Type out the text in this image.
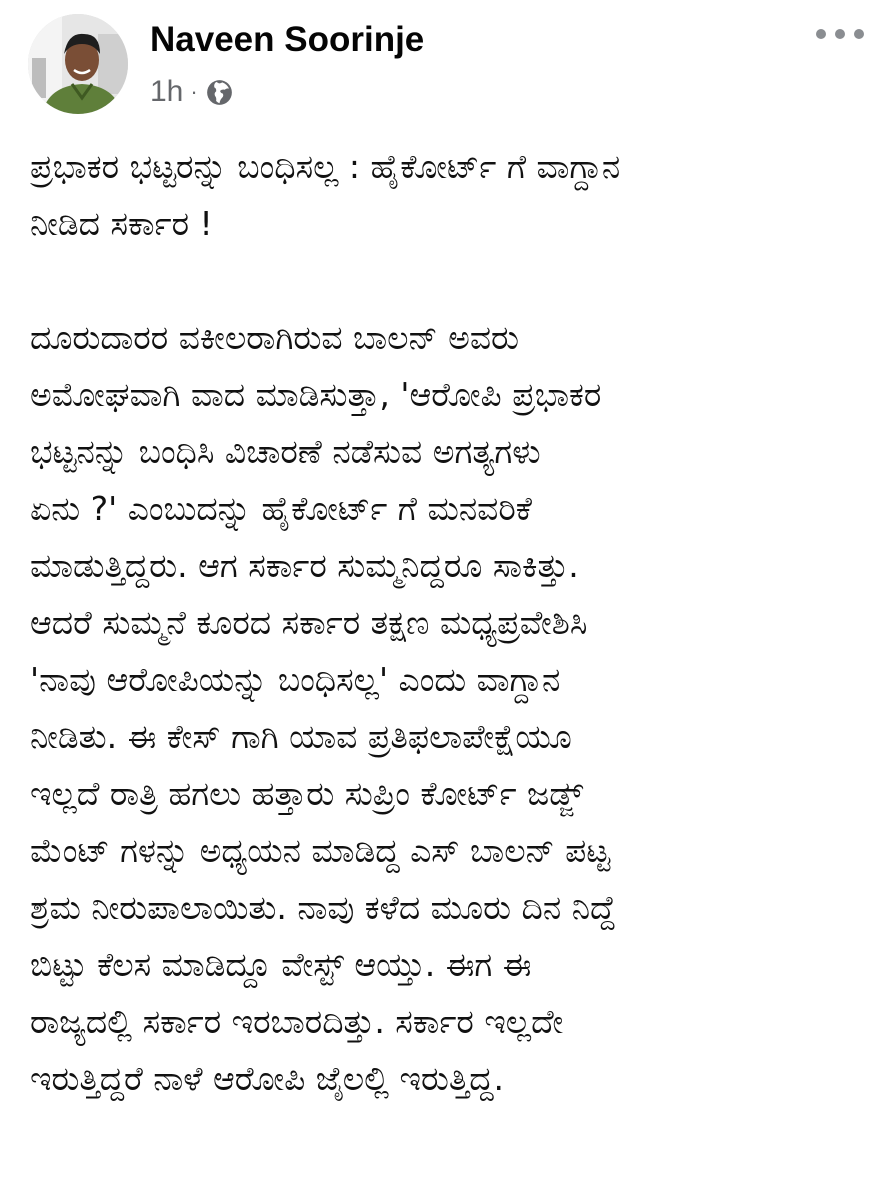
Naveen Soorinje
1h ·

ಪ್ರಭಾಕರ ಭಟ್ಟರನ್ನು ಬಂಧಿಸಲ್ಲ : ಹೈಕೋರ್ಟ್ ಗೆ ವಾಗ್ದಾನ
ನೀಡಿದ ಸರ್ಕಾರ !

ದೂರುದಾರರ ವಕೀಲರಾಗಿರುವ ಬಾಲನ್ ಅವರು
ಅಮೋಘವಾಗಿ ವಾದ ಮಾಡಿಸುತ್ತಾ, 'ಆರೋಪಿ ಪ್ರಭಾಕರ
ಭಟ್ಟನನ್ನು ಬಂಧಿಸಿ ವಿಚಾರಣೆ ನಡೆಸುವ ಅಗತ್ಯಗಳು
ಏನು ?' ಎಂಬುದನ್ನು ಹೈಕೋರ್ಟ್ ಗೆ ಮನವರಿಕೆ
ಮಾಡುತ್ತಿದ್ದರು. ಆಗ ಸರ್ಕಾರ ಸುಮ್ಮನಿದ್ದರೂ ಸಾಕಿತ್ತು.
ಆದರೆ ಸುಮ್ಮನೆ ಕೂರದ ಸರ್ಕಾರ ತಕ್ಷಣ ಮಧ್ಯಪ್ರವೇಶಿಸಿ
'ನಾವು ಆರೋಪಿಯನ್ನು ಬಂಧಿಸಲ್ಲ' ಎಂದು ವಾಗ್ದಾನ
ನೀಡಿತು. ಈ ಕೇಸ್ ಗಾಗಿ ಯಾವ ಪ್ರತಿಫಲಾಪೇಕ್ಷೆಯೂ
ಇಲ್ಲದೆ ರಾತ್ರಿ ಹಗಲು ಹತ್ತಾರು ಸುಪ್ರಿಂ ಕೋರ್ಟ್ ಜಡ್ಜ್
ಮೆಂಟ್ ಗಳನ್ನು ಅಧ್ಯಯನ ಮಾಡಿದ್ದ ಎಸ್ ಬಾಲನ್ ಪಟ್ಟ
ಶ್ರಮ ನೀರುಪಾಲಾಯಿತು. ನಾವು ಕಳೆದ ಮೂರು ದಿನ ನಿದ್ದೆ
ಬಿಟ್ಟು ಕೆಲಸ ಮಾಡಿದ್ದೂ ವೇಸ್ಟ್ ಆಯ್ತು. ಈಗ ಈ
ರಾಜ್ಯದಲ್ಲಿ ಸರ್ಕಾರ ಇರಬಾರದಿತ್ತು. ಸರ್ಕಾರ ಇಲ್ಲದೇ
ಇರುತ್ತಿದ್ದರೆ ನಾಳೆ ಆರೋಪಿ ಜೈಲಲ್ಲಿ ಇರುತ್ತಿದ್ದ.
